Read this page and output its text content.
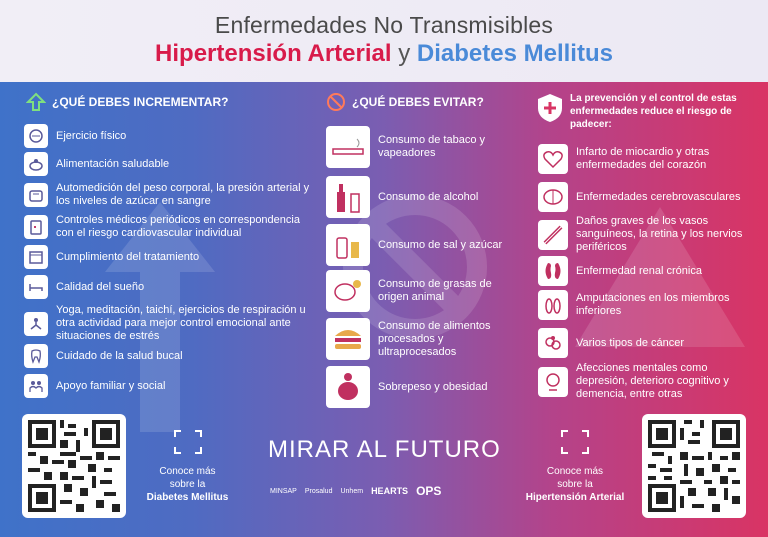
Enfermedades No Transmisibles
Hipertensión Arterial y Diabetes Mellitus
¿QUÉ DEBES INCREMENTAR?
Ejercicio físico
Alimentación saludable
Automedición del peso corporal, la presión arterial y los niveles de azúcar en sangre
Controles médicos periódicos en correspondencia con el riesgo cardiovascular individual
Cumplimiento del tratamiento
Calidad del sueño
Yoga, meditación, taichí, ejercicios de respiración u otra actividad para mejor control emocional ante situaciones de estrés
Cuidado de la salud bucal
Apoyo familiar y social
¿QUÉ DEBES EVITAR?
Consumo de tabaco y vapeadores
Consumo de alcohol
Consumo de sal y azúcar
Consumo de grasas de origen animal
Consumo de alimentos procesados y ultraprocesados
Sobrepeso y obesidad
La prevención y el control de estas enfermedades reduce el riesgo de padecer:
Infarto de miocardio y otras enfermedades del corazón
Enfermedades cerebrovasculares
Daños graves de los vasos sanguíneos, la retina y los nervios periféricos
Enfermedad renal crónica
Amputaciones en los miembros inferiores
Varios tipos de cáncer
Afecciones mentales como depresión, deterioro cognitivo y demencia, entre otras
Conoce más
sobre la
Diabetes Mellitus
MIRAR AL FUTURO
MINSAP Prosalud Unhem HEARTS OPS
Conoce más
sobre la
Hipertensión Arterial
